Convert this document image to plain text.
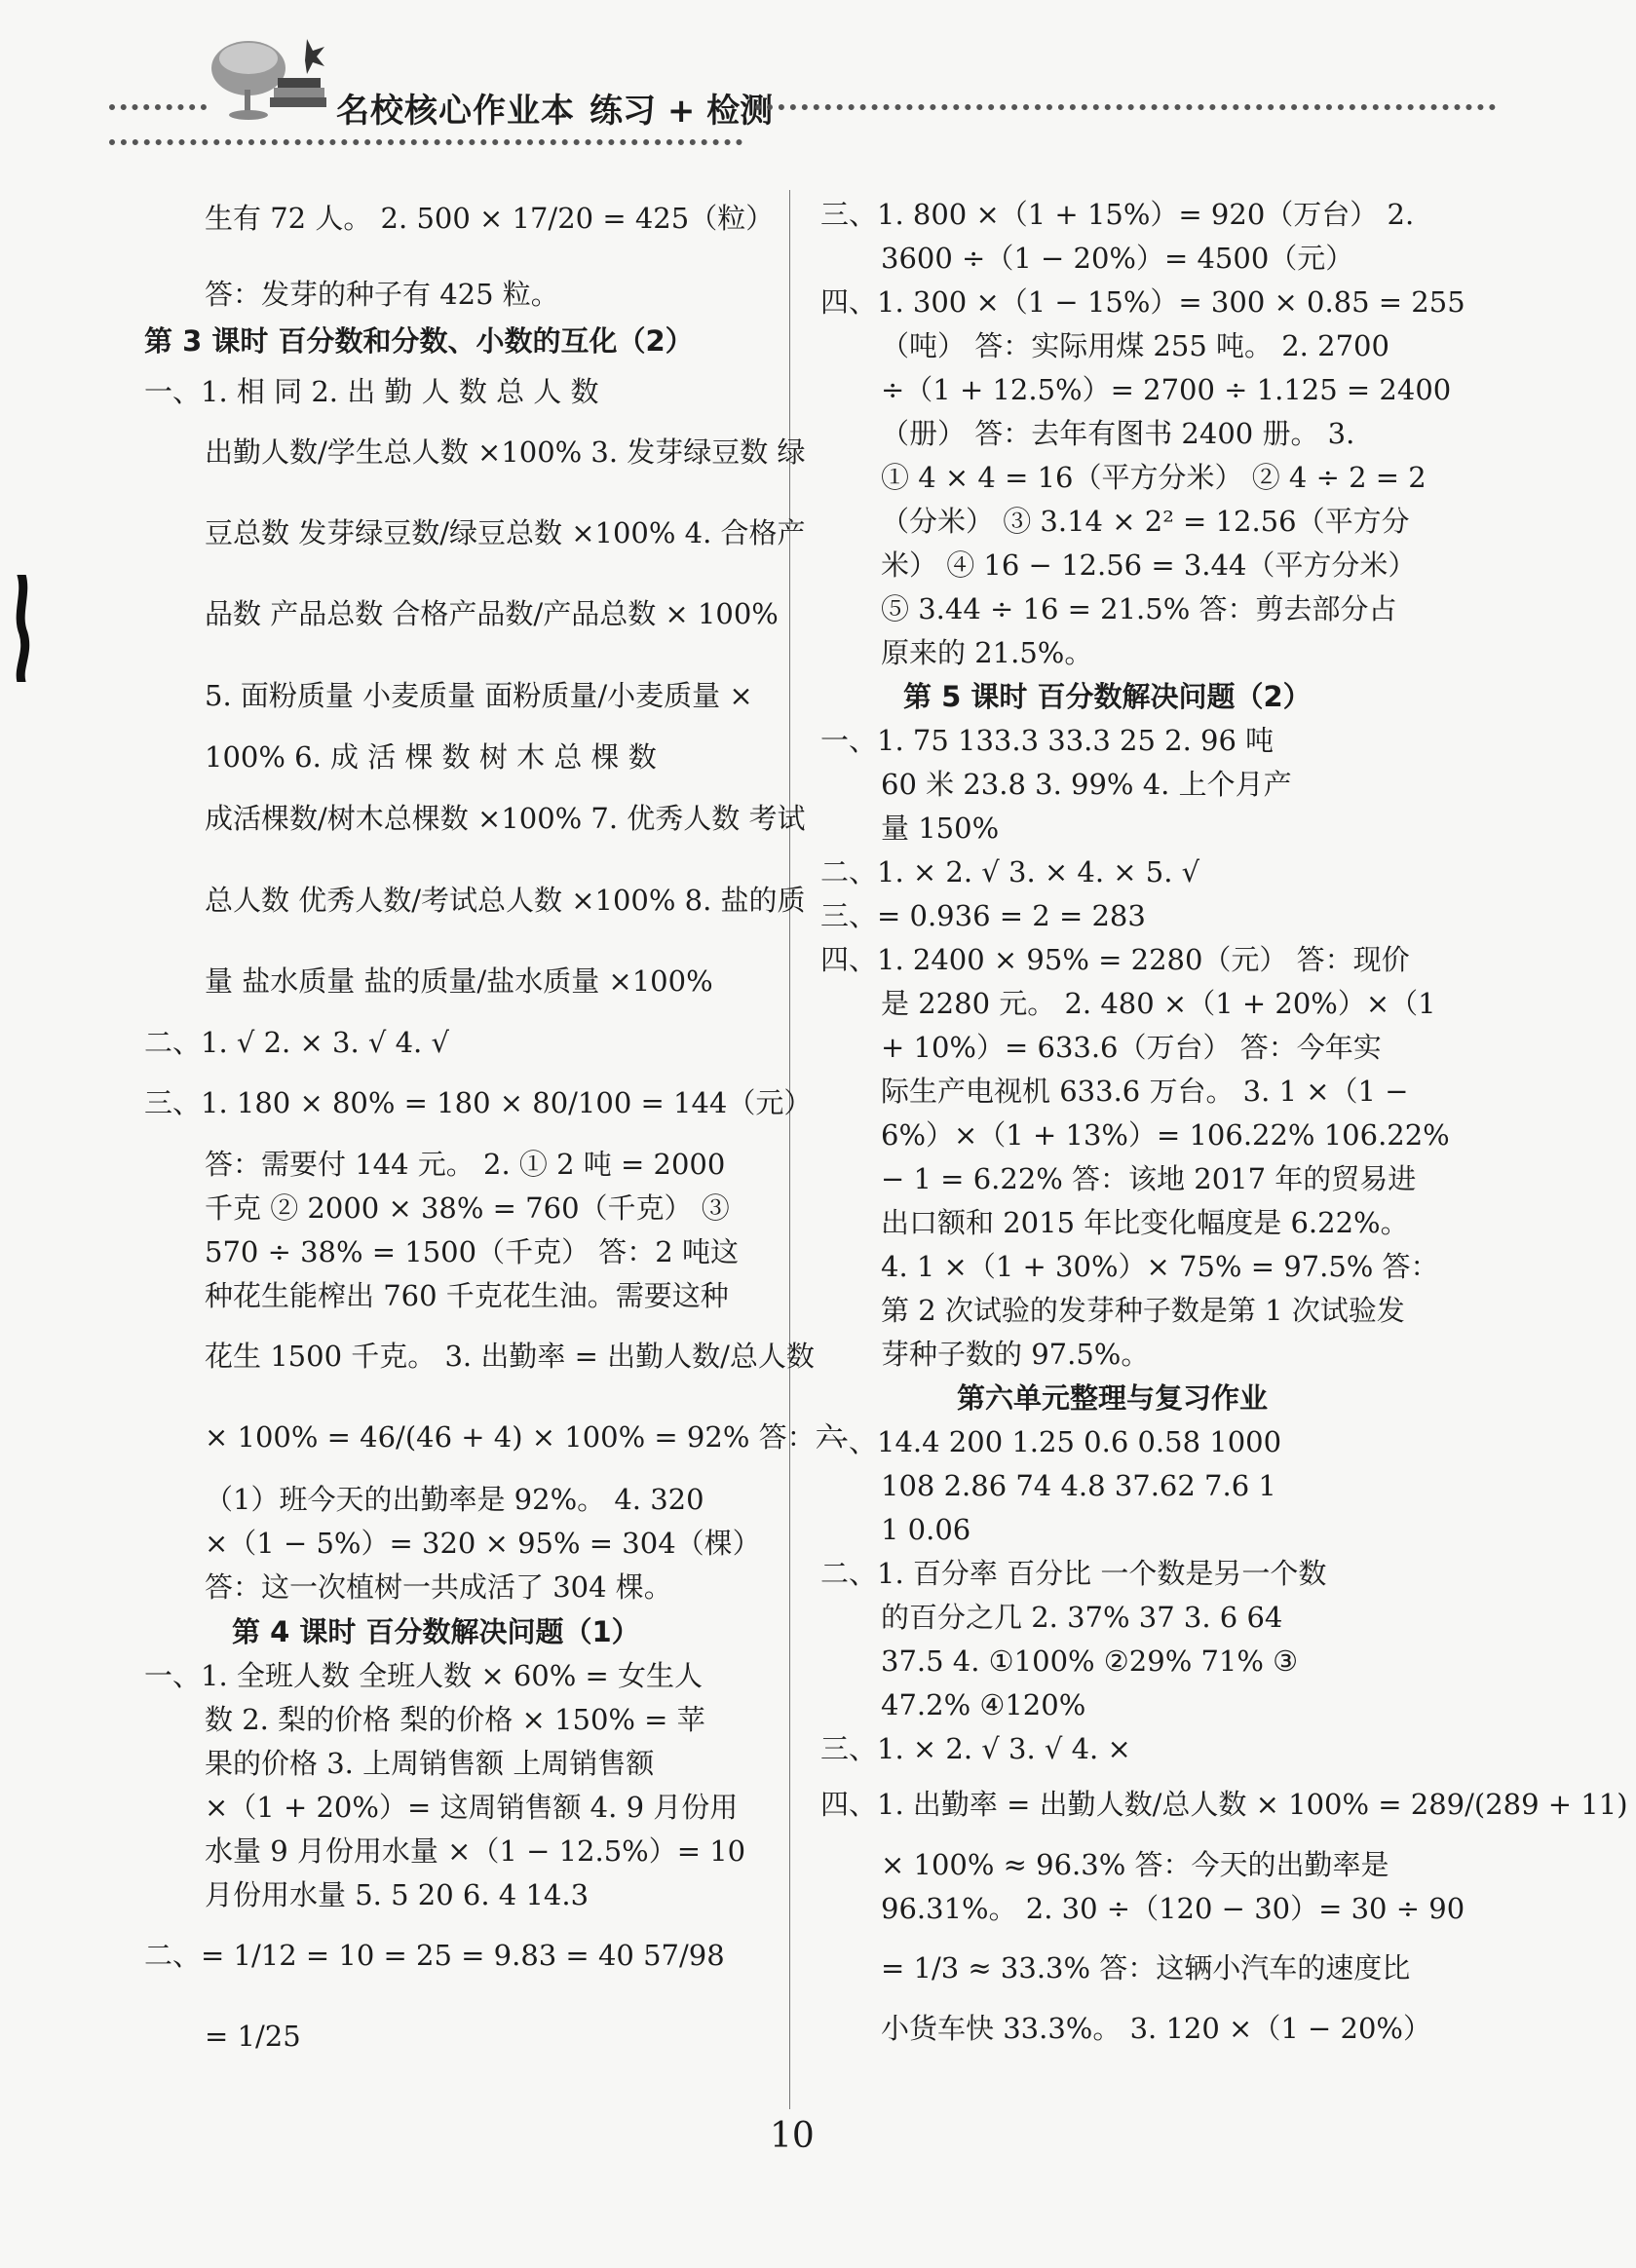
名校核心作业本 练习 + 检测
生有 72 人。 2. 500 × 17/20 = 425（粒）
答：发芽的种子有 425 粒。
第 3 课时 百分数和分数、小数的互化（2）
一、1. 相 同 2. 出 勤 人 数 总 人 数
出勤人数/学生总人数 ×100% 3. 发芽绿豆数 绿
豆总数 发芽绿豆数/绿豆总数 ×100% 4. 合格产
品数 产品总数 合格产品数/产品总数 × 100%
5. 面粉质量 小麦质量 面粉质量/小麦质量 ×
100% 6. 成 活 棵 数 树 木 总 棵 数
成活棵数/树木总棵数 ×100% 7. 优秀人数 考试
总人数 优秀人数/考试总人数 ×100% 8. 盐的质
量 盐水质量 盐的质量/盐水质量 ×100%
二、1. √ 2. × 3. √ 4. √
三、1. 180 × 80% = 180 × 80/100 = 144（元）
答：需要付 144 元。 2. ① 2 吨 = 2000
千克 ② 2000 × 38% = 760（千克） ③
570 ÷ 38% = 1500（千克） 答：2 吨这
种花生能榨出 760 千克花生油。需要这种
花生 1500 千克。 3. 出勤率 = 出勤人数/总人数
× 100% = 46/(46 + 4) × 100% = 92% 答：六
（1）班今天的出勤率是 92%。 4. 320
×（1 − 5%）= 320 × 95% = 304（棵）
答：这一次植树一共成活了 304 棵。
第 4 课时 百分数解决问题（1）
一、1. 全班人数 全班人数 × 60% = 女生人
数 2. 梨的价格 梨的价格 × 150% = 苹
果的价格 3. 上周销售额 上周销售额
×（1 + 20%）= 这周销售额 4. 9 月份用
水量 9 月份用水量 ×（1 − 12.5%）= 10
月份用水量 5. 5 20 6. 4 14.3
二、= 1/12 = 10 = 25 = 9.83 = 40 57/98
= 1/25
三、1. 800 ×（1 + 15%）= 920（万台） 2.
3600 ÷（1 − 20%）= 4500（元）
四、1. 300 ×（1 − 15%）= 300 × 0.85 = 255
（吨） 答：实际用煤 255 吨。 2. 2700
÷（1 + 12.5%）= 2700 ÷ 1.125 = 2400
（册） 答：去年有图书 2400 册。 3.
① 4 × 4 = 16（平方分米） ② 4 ÷ 2 = 2
（分米） ③ 3.14 × 2² = 12.56（平方分
米） ④ 16 − 12.56 = 3.44（平方分米）
⑤ 3.44 ÷ 16 = 21.5% 答：剪去部分占
原来的 21.5%。
第 5 课时 百分数解决问题（2）
一、1. 75 133.3 33.3 25 2. 96 吨
60 米 23.8 3. 99% 4. 上个月产
量 150%
二、1. × 2. √ 3. × 4. × 5. √
三、= 0.936 = 2 = 283
四、1. 2400 × 95% = 2280（元） 答：现价
是 2280 元。 2. 480 ×（1 + 20%）×（1
+ 10%）= 633.6（万台） 答：今年实
际生产电视机 633.6 万台。 3. 1 ×（1 −
6%）×（1 + 13%）= 106.22% 106.22%
− 1 = 6.22% 答：该地 2017 年的贸易进
出口额和 2015 年比变化幅度是 6.22%。
4. 1 ×（1 + 30%）× 75% = 97.5% 答：
第 2 次试验的发芽种子数是第 1 次试验发
芽种子数的 97.5%。
第六单元整理与复习作业
一、14.4 200 1.25 0.6 0.58 1000
108 2.86 74 4.8 37.62 7.6 1
1 0.06
二、1. 百分率 百分比 一个数是另一个数
的百分之几 2. 37% 37 3. 6 64
37.5 4. ①100% ②29% 71% ③
47.2% ④120%
三、1. × 2. √ 3. √ 4. ×
四、1. 出勤率 = 出勤人数/总人数 × 100% = 289/(289 + 11)
× 100% ≈ 96.3% 答：今天的出勤率是
96.31%。 2. 30 ÷（120 − 30）= 30 ÷ 90
= 1/3 ≈ 33.3% 答：这辆小汽车的速度比
小货车快 33.3%。 3. 120 ×（1 − 20%）
10
